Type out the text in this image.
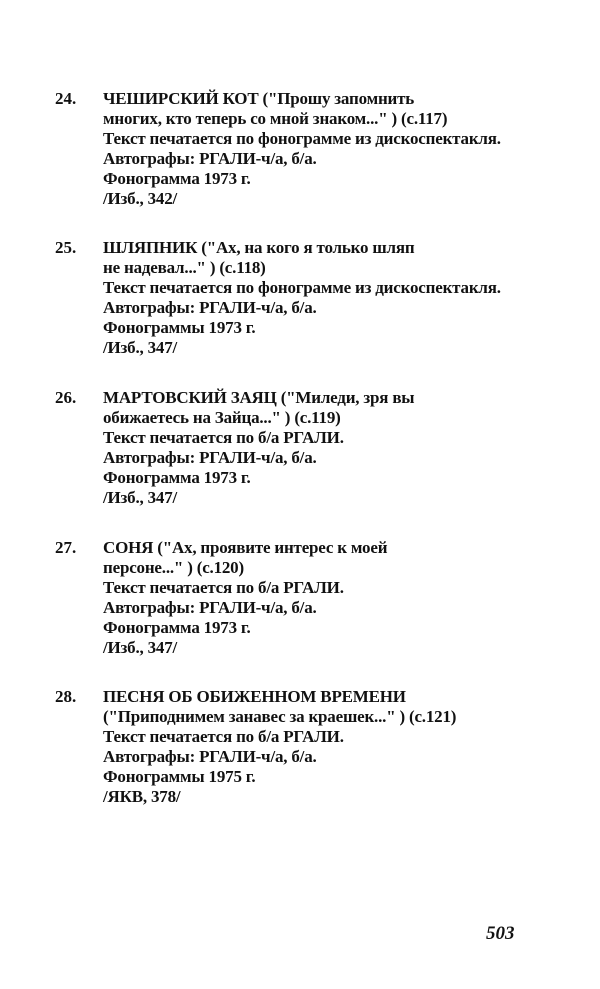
24. ЧЕШИРСКИЙ КОТ ("Прошу запомнить
многих, кто теперь со мной знаком..." ) (с.117)
Текст печатается по фонограмме из дискоспектакля.
Автографы: РГАЛИ-ч/а, б/а.
Фонограмма 1973 г.
/Изб., 342/
25. ШЛЯПНИК ("Ах, на кого я только шляп
не надевал..." ) (с.118)
Текст печатается по фонограмме из дискоспектакля.
Автографы: РГАЛИ-ч/а, б/а.
Фонограммы 1973 г.
/Изб., 347/
26. МАРТОВСКИЙ ЗАЯЦ ("Миледи, зря вы
обижаетесь на Зайца..." ) (с.119)
Текст печатается по б/а РГАЛИ.
Автографы: РГАЛИ-ч/а, б/а.
Фонограмма 1973 г.
/Изб., 347/
27. СОНЯ ("Ах, проявите интерес к моей
персоне..." ) (с.120)
Текст печатается по б/а РГАЛИ.
Автографы: РГАЛИ-ч/а, б/а.
Фонограмма 1973 г.
/Изб., 347/
28. ПЕСНЯ ОБ ОБИЖЕННОМ ВРЕМЕНИ
("Приподнимем занавес за краешек..." ) (с.121)
Текст печатается по б/а РГАЛИ.
Автографы: РГАЛИ-ч/а, б/а.
Фонограммы 1975 г.
/ЯКВ, 378/
503
